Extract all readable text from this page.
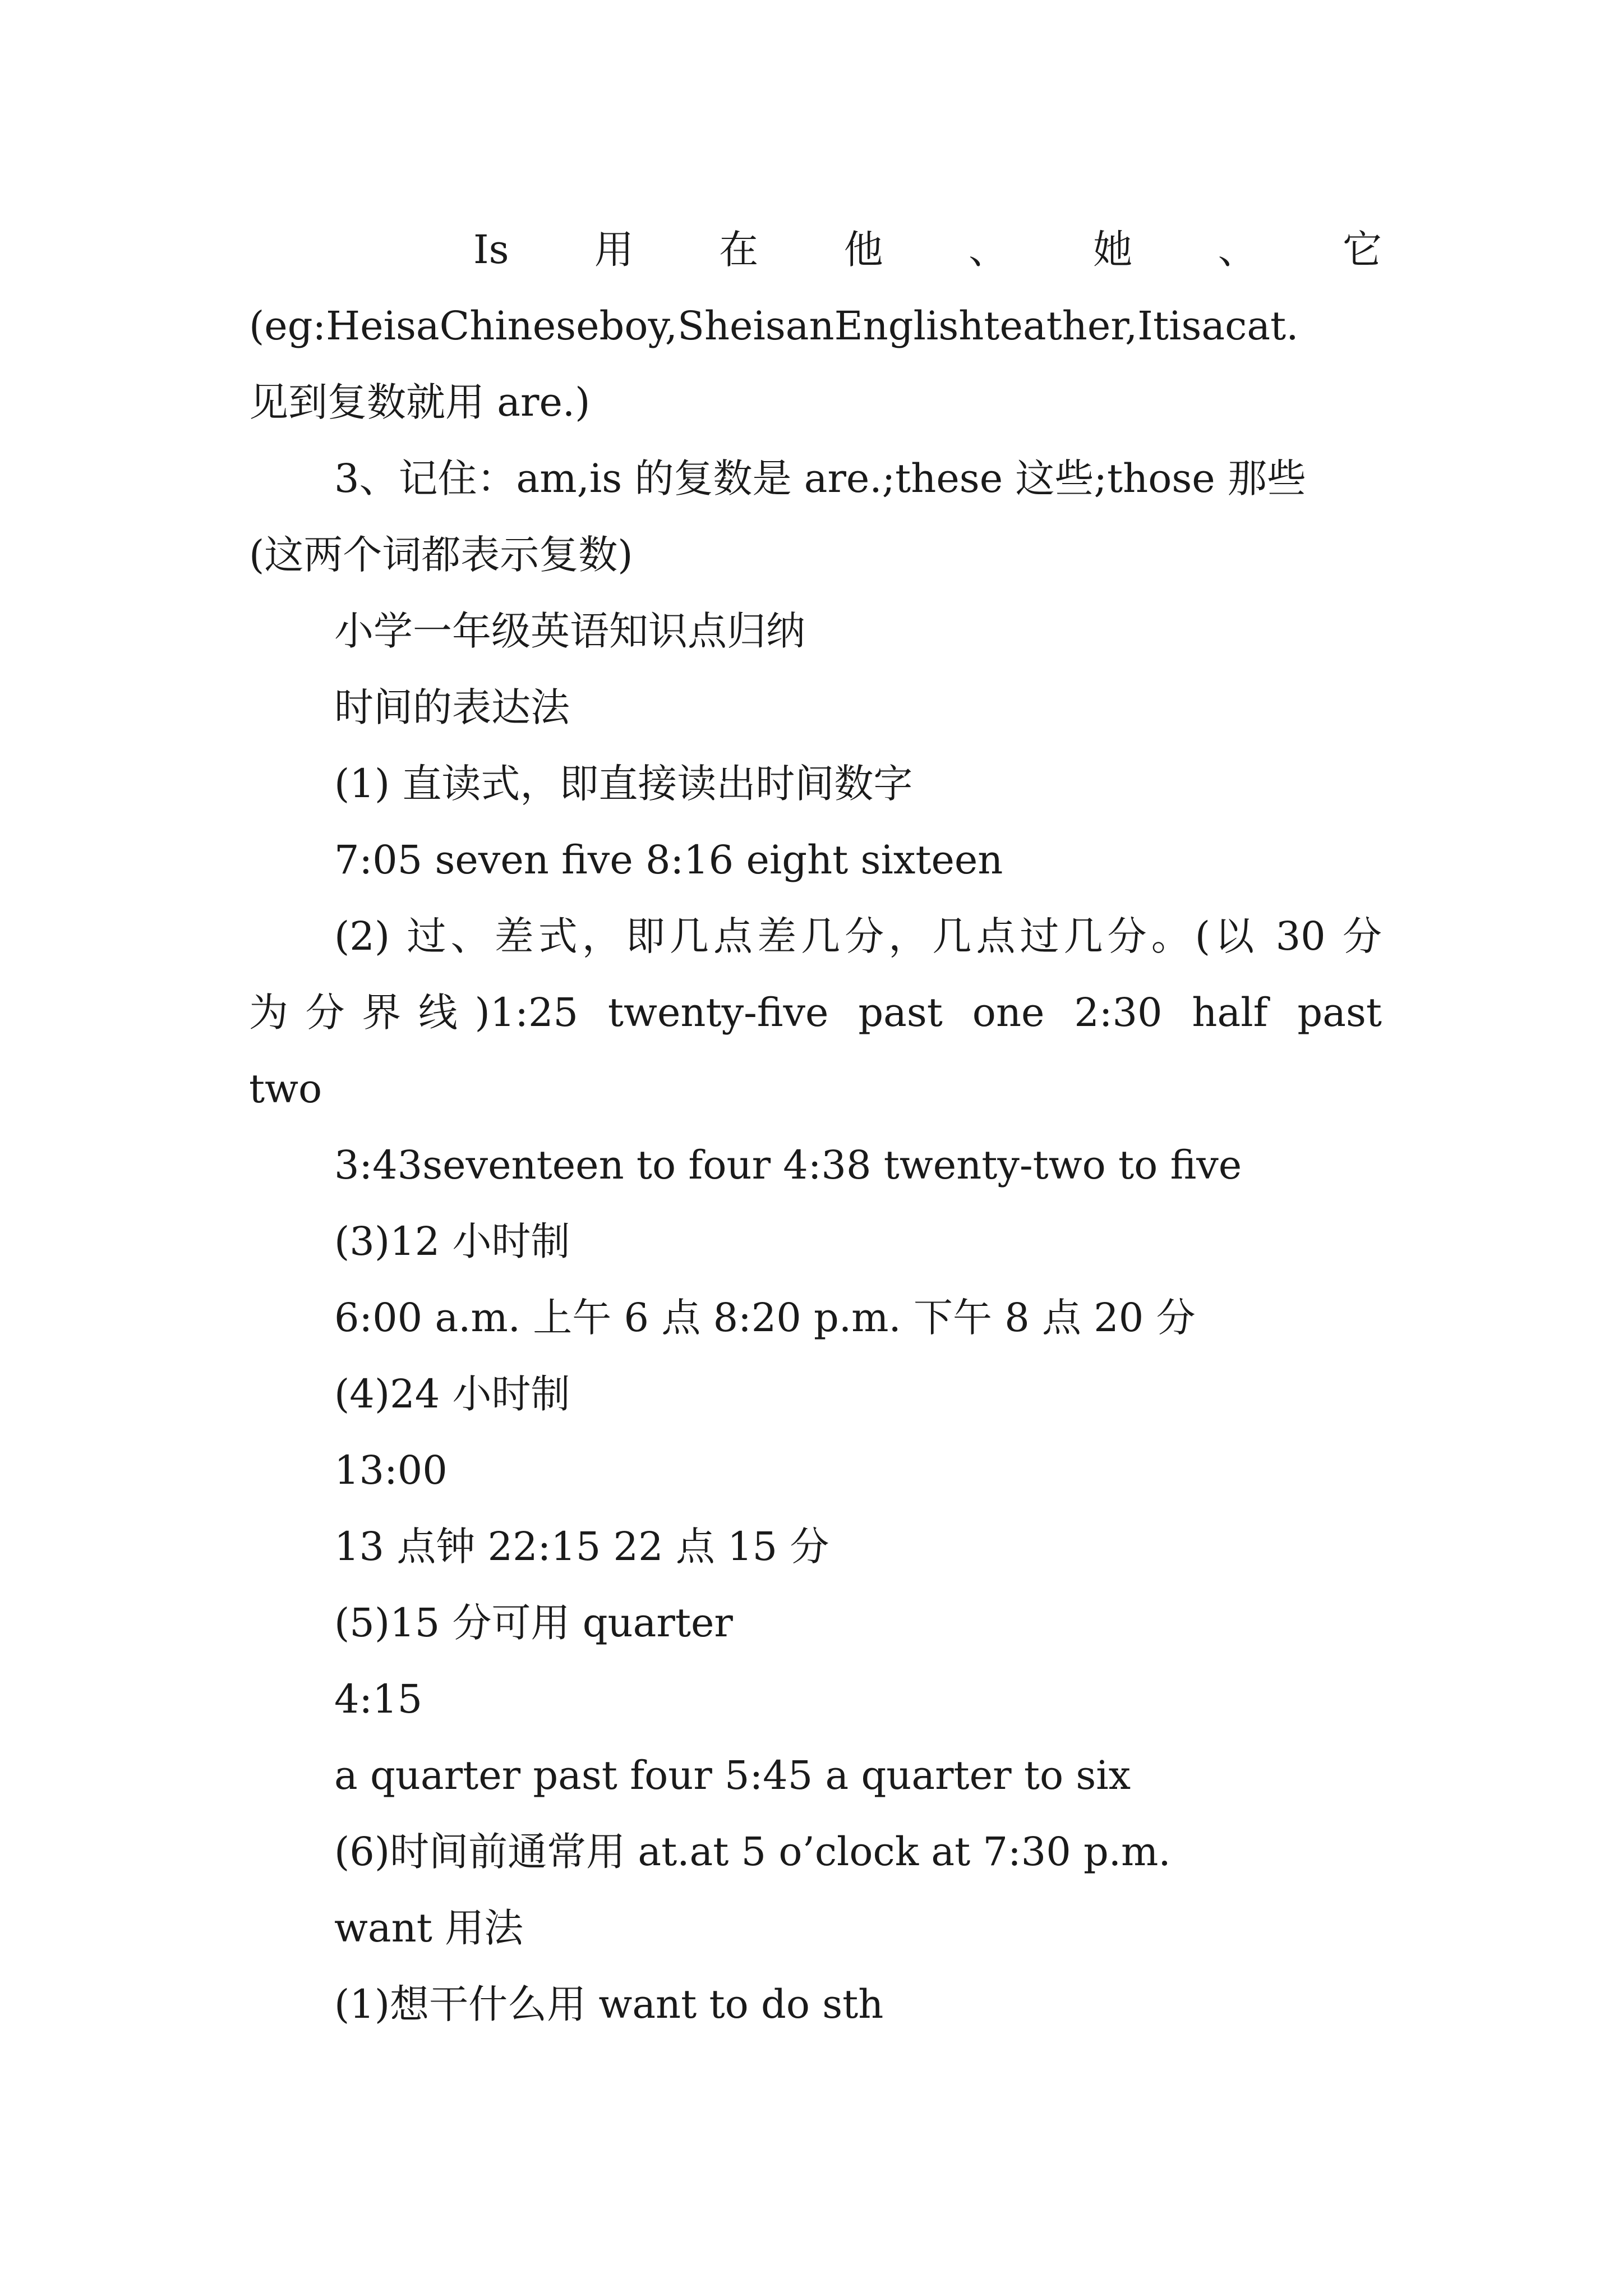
Is 用 在 他 、 她 、 它
(eg:HeisaChineseboy,SheisanEnglishteather,Itisacat.
见到复数就用 are.)
3、记住：am,is 的复数是 are.;these 这些;those 那些
(这两个词都表示复数)
小学一年级英语知识点归纳
时间的表达法
(1) 直读式，即直接读出时间数字
7:05 seven five 8:16 eight sixteen
(2) 过、差式，即几点差几分，几点过几分。(以 30 分
为分界线)1:25 twenty-five past one 2:30 half past
two
3:43seventeen to four 4:38 twenty-two to five
(3)12 小时制
6:00 a.m. 上午 6 点 8:20 p.m. 下午 8 点 20 分
(4)24 小时制
13:00
13 点钟 22:15 22 点 15 分
(5)15 分可用 quarter
4:15
a quarter past four 5:45 a quarter to six
(6)时间前通常用 at.at 5 o’clock at 7:30 p.m.
want 用法
(1)想干什么用 want to do sth
